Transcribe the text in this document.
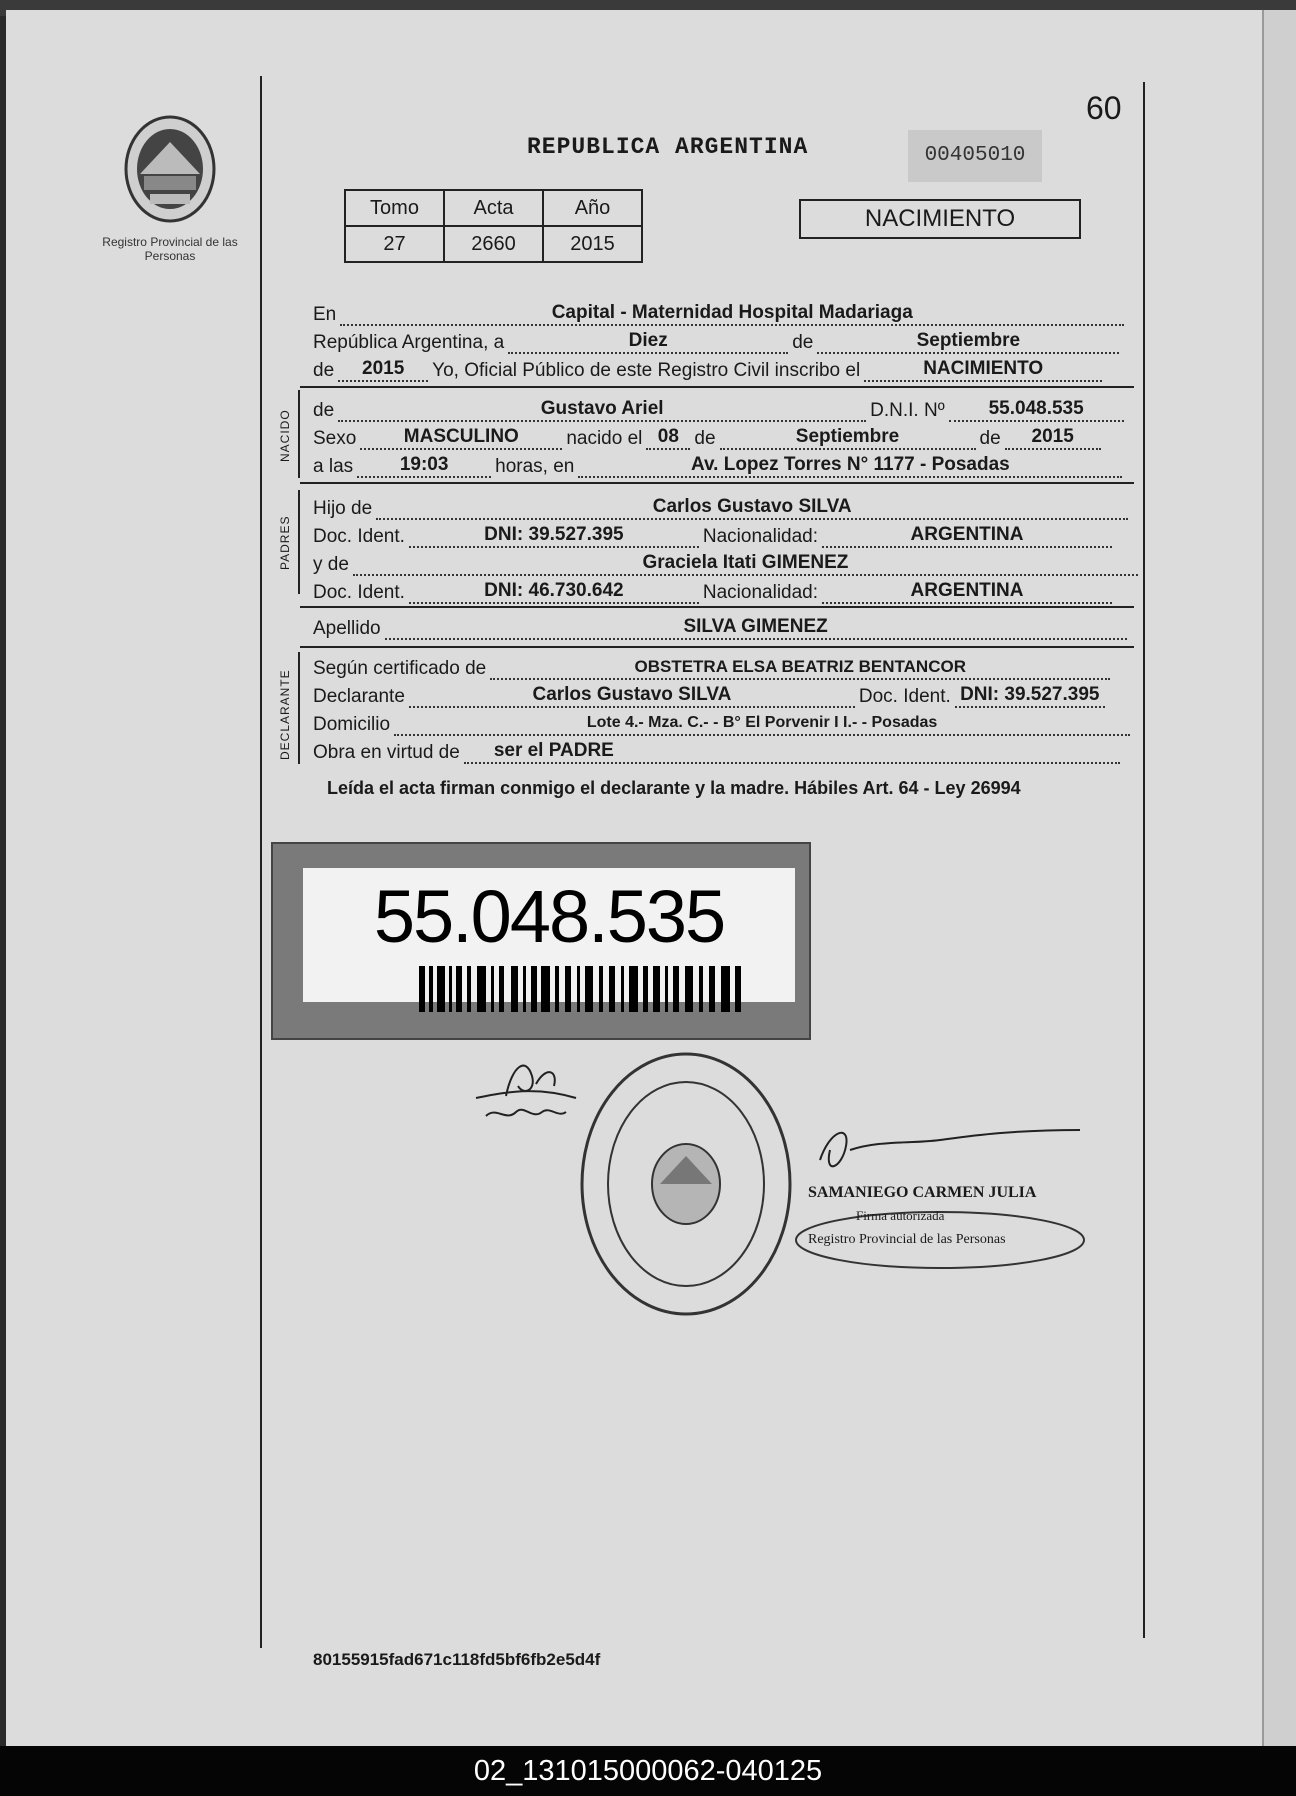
Registro Provincial de las Personas
60
REPUBLICA ARGENTINA	00405010
Tomo	Acta	Año
27	2660	2015
NACIMIENTO
En	Capital - Maternidad Hospital Madariaga
República Argentina, a	Diez	de	Septiembre
de	2015	Yo, Oficial Público de este Registro Civil inscribo el	NACIMIENTO
NACIDO de	Gustavo Ariel	D.N.I. Nº	55.048.535
Sexo	MASCULINO	nacido el 08 de	Septiembre	de	2015
a las	19:03	horas, en	Av. Lopez Torres N° 1177 - Posadas
PADRES
Hijo de	Carlos Gustavo SILVA
Doc. Ident.	DNI: 39.527.395	Nacionalidad:	ARGENTINA
y de	Graciela Itati GIMENEZ
Doc. Ident.	DNI: 46.730.642	Nacionalidad:	ARGENTINA
Apellido	SILVA GIMENEZ
DECLARANTE
Según certificado de	OBSTETRA ELSA BEATRIZ BENTANCOR
Declarante	Carlos Gustavo SILVA	Doc. Ident. DNI: 39.527.395
Domicilio	Lote 4.- Mza. C.- - B° El Porvenir I I.- - Posadas
Obra en virtud de	ser el PADRE
Leída el acta firman conmigo el declarante y la madre. Hábiles Art. 64 - Ley 26994
55.048.535
SAMANIEGO CARMEN JULIA
Firma autorizada
Registro Provincial de las Personas
80155915fad671c118fd5bf6fb2e5d4f
02_131015000062-040125
